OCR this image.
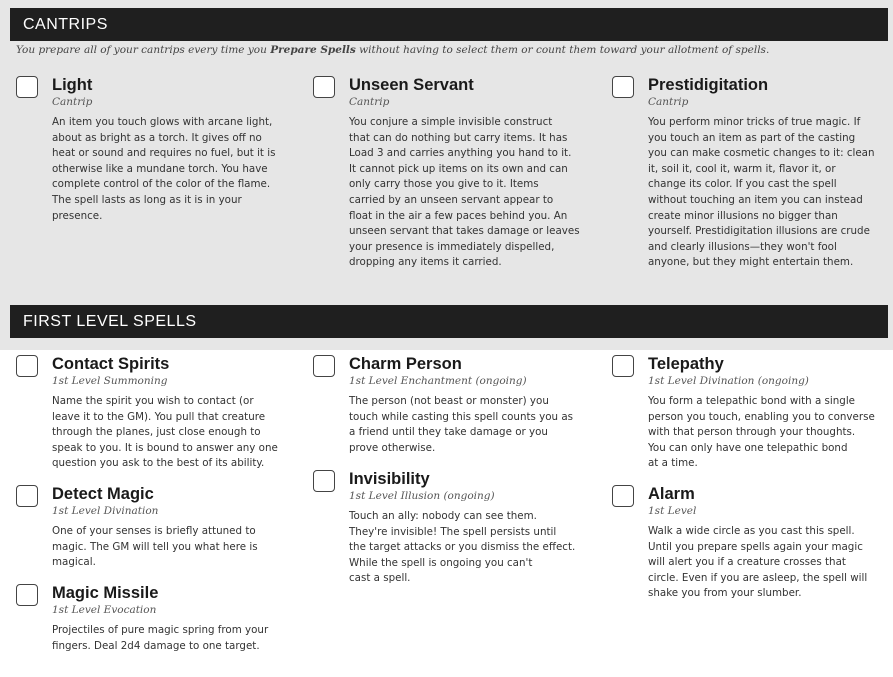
CANTRIPS
You prepare all of your cantrips every time you Prepare Spells without having to select them or count them toward your allotment of spells.
Light
Cantrip
An item you touch glows with arcane light,
about as bright as a torch. It gives off no
heat or sound and requires no fuel, but it is
otherwise like a mundane torch. You have
complete control of the color of the flame.
The spell lasts as long as it is in your
presence.
Unseen Servant
Cantrip
You conjure a simple invisible construct
that can do nothing but carry items. It has
Load 3 and carries anything you hand to it.
It cannot pick up items on its own and can
only carry those you give to it. Items
carried by an unseen servant appear to
float in the air a few paces behind you. An
unseen servant that takes damage or leaves
your presence is immediately dispelled,
dropping any items it carried.
Prestidigitation
Cantrip
You perform minor tricks of true magic. If
you touch an item as part of the casting
you can make cosmetic changes to it: clean
it, soil it, cool it, warm it, flavor it, or
change its color. If you cast the spell
without touching an item you can instead
create minor illusions no bigger than
yourself. Prestidigitation illusions are crude
and clearly illusions—they won't fool
anyone, but they might entertain them.
FIRST LEVEL SPELLS
Contact Spirits
1st Level Summoning
Name the spirit you wish to contact (or
leave it to the GM). You pull that creature
through the planes, just close enough to
speak to you. It is bound to answer any one
question you ask to the best of its ability.
Detect Magic
1st Level Divination
One of your senses is briefly attuned to
magic. The GM will tell you what here is
magical.
Magic Missile
1st Level Evocation
Projectiles of pure magic spring from your
fingers. Deal 2d4 damage to one target.
Charm Person
1st Level Enchantment (ongoing)
The person (not beast or monster) you
touch while casting this spell counts you as
a friend until they take damage or you
prove otherwise.
Invisibility
1st Level Illusion (ongoing)
Touch an ally: nobody can see them.
They're invisible! The spell persists until
the target attacks or you dismiss the effect.
While the spell is ongoing you can't
cast a spell.
Telepathy
1st Level Divination (ongoing)
You form a telepathic bond with a single
person you touch, enabling you to converse
with that person through your thoughts.
You can only have one telepathic bond
at a time.
Alarm
1st Level
Walk a wide circle as you cast this spell.
Until you prepare spells again your magic
will alert you if a creature crosses that
circle. Even if you are asleep, the spell will
shake you from your slumber.
